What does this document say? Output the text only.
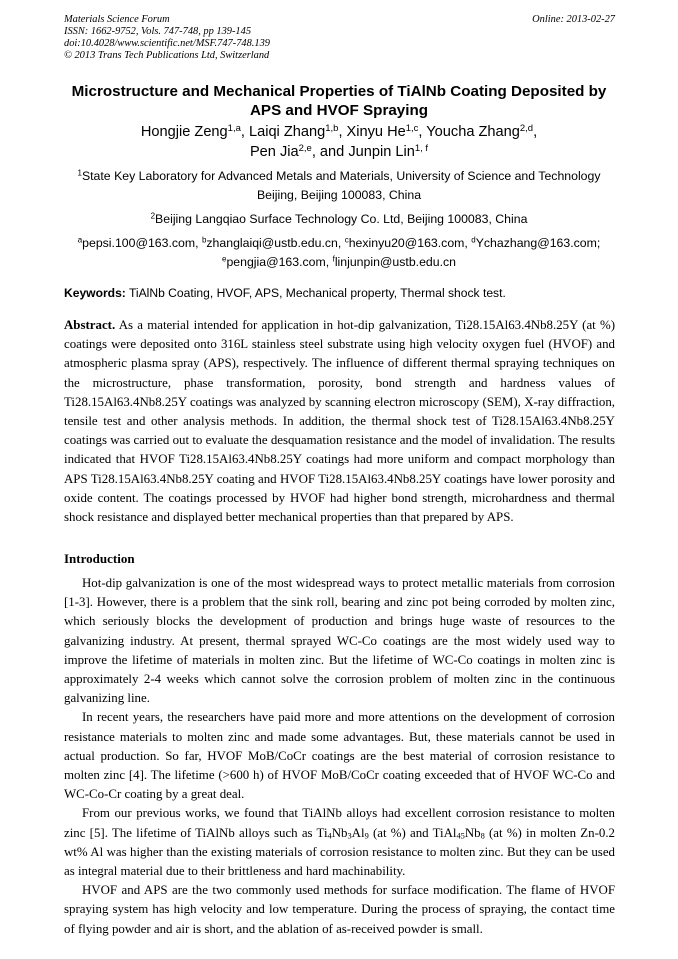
Materials Science Forum
ISSN: 1662-9752, Vols. 747-748, pp 139-145
doi:10.4028/www.scientific.net/MSF.747-748.139
© 2013 Trans Tech Publications Ltd, Switzerland
Online: 2013-02-27
Microstructure and Mechanical Properties of TiAlNb Coating Deposited by APS and HVOF Spraying
Hongjie Zeng$^{1,a}$, Laiqi Zhang$^{1,b}$, Xinyu He$^{1,c}$, Youcha Zhang$^{2,d}$,
Pen Jia$^{2,e}$, and Junpin Lin$^{1, f}$
$^1$State Key Laboratory for Advanced Metals and Materials, University of Science and Technology Beijing, Beijing 100083, China
$^2$Beijing Langqiao Surface Technology Co. Ltd, Beijing 100083, China
$^a$pepsi.100@163.com, $^b$zhanglaiqi@ustb.edu.cn, $^c$hexinyu20@163.com, $^d$Ychazhang@163.com;
$^e$pengjia@163.com, $^f$linjunpin@ustb.edu.cn
Keywords: TiAlNb Coating, HVOF, APS, Mechanical property, Thermal shock test.
Abstract. As a material intended for application in hot-dip galvanization, Ti28.15Al63.4Nb8.25Y (at %) coatings were deposited onto 316L stainless steel substrate using high velocity oxygen fuel (HVOF) and atmospheric plasma spray (APS), respectively. The influence of different thermal spraying techniques on the microstructure, phase transformation, porosity, bond strength and hardness values of Ti28.15Al63.4Nb8.25Y coatings was analyzed by scanning electron microscopy (SEM), X-ray diffraction, tensile test and other analysis methods. In addition, the thermal shock test of Ti28.15Al63.4Nb8.25Y coatings was carried out to evaluate the desquamation resistance and the model of invalidation. The results indicated that HVOF Ti28.15Al63.4Nb8.25Y coatings had more uniform and compact morphology than APS Ti28.15Al63.4Nb8.25Y coating and HVOF Ti28.15Al63.4Nb8.25Y coatings have lower porosity and oxide content. The coatings processed by HVOF had higher bond strength, microhardness and thermal shock resistance and displayed better mechanical properties than that prepared by APS.
Introduction

Hot-dip galvanization is one of the most widespread ways to protect metallic materials from corrosion [1-3]. However, there is a problem that the sink roll, bearing and zinc pot being corroded by molten zinc, which seriously blocks the development of production and brings huge waste of resources to the galvanizing industry. At present, thermal sprayed WC-Co coatings are the most widely used way to improve the lifetime of materials in molten zinc. But the lifetime of WC-Co coatings in molten zinc is approximately 2-4 weeks which cannot solve the corrosion problem of molten zinc in the continuous galvanizing line.

In recent years, the researchers have paid more and more attentions on the development of corrosion resistance materials to molten zinc and made some advantages. But, these materials cannot be used in actual production. So far, HVOF MoB/CoCr coatings are the best material of corrosion resistance to molten zinc [4]. The lifetime (>600 h) of HVOF MoB/CoCr coating exceeded that of HVOF WC-Co and WC-Co-Cr coating by a great deal.

From our previous works, we found that TiAlNb alloys had excellent corrosion resistance to molten zinc [5]. The lifetime of TiAlNb alloys such as $Ti_4Nb_3Al_9$ (at %) and $TiAl_{45}Nb_8$ (at %) in molten Zn-0.2 wt% Al was higher than the existing materials of corrosion resistance to molten zinc. But they can be used as integral material due to their brittleness and hard machinability.

HVOF and APS are the two commonly used methods for surface modification. The flame of HVOF spraying system has high velocity and low temperature. During the process of spraying, the contact time of flying powder and air is short, and the ablation of as-received powder is small.
